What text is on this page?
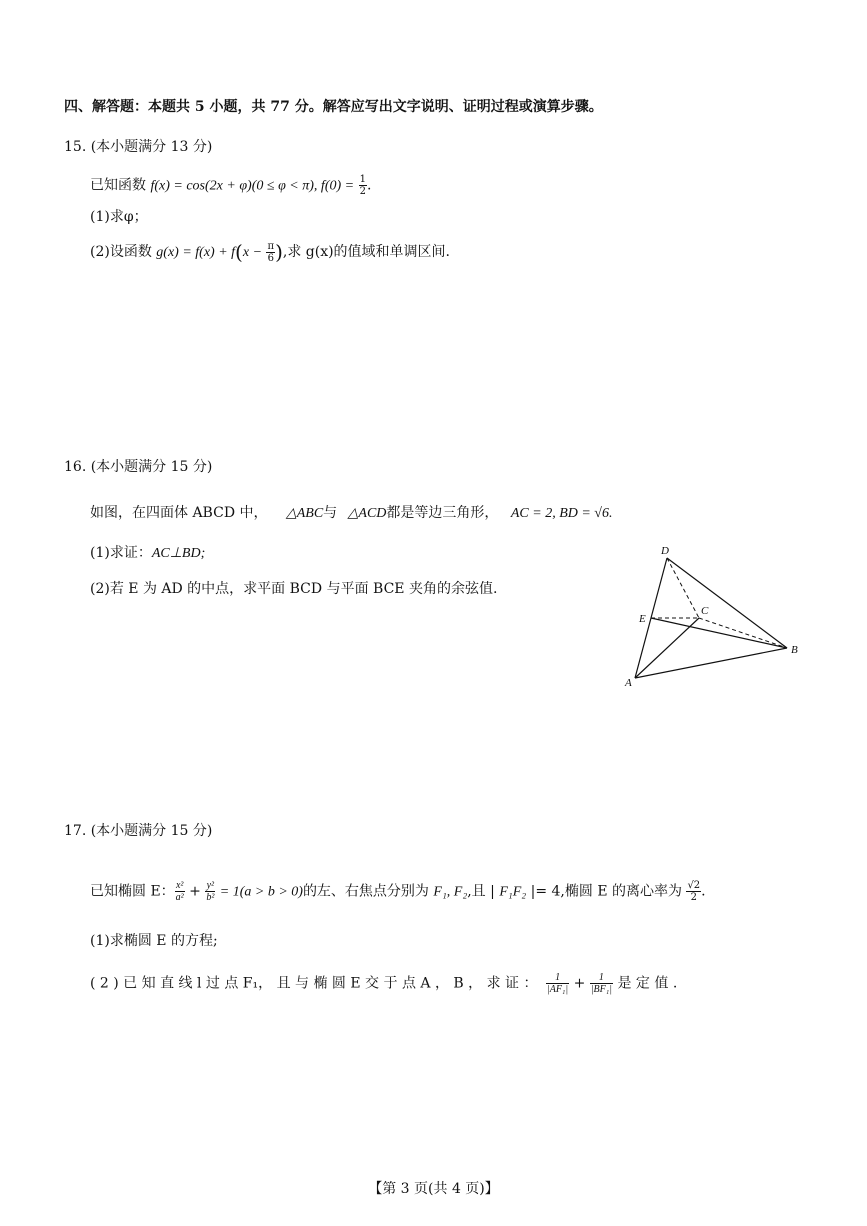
四、解答题：本题共 5 小题，共 77 分。解答应写出文字说明、证明过程或演算步骤。
15. (本小题满分 13 分)
已知函数 f(x) = cos(2x + φ)(0 ≤ φ < π), $f(0) = \frac{1}{2}$ .
(1)求φ；
(2)设函数 $g(x) = f(x) + f(x - \frac{\pi}{6}$ ),求 g(x)的值域和单调区间.
16. (本小题满分 15 分)
如图，在四面体 ABCD 中， △ABC与 △ACD都是等边三角形， AC = 2, BD = √6.
(1)求证：AC⊥BD;
(2)若 E 为 AD 的中点，求平面 BCD 与平面 BCE 夹角的余弦值.
D
C
E
B
A
17. (本小题满分 15 分)
已知椭圆 E： $\frac{\text{x²}}{\text{a²}} + \frac{\text{y²}}{\text{b²}} = 1(a > b > 0)$的左、右焦点分别为 F₁, F₂,且 | F₁F₂ |= 4,椭圆 E 的离心率为 $\frac{√2}{2}$ .
(1)求椭圆 E 的方程;
( 2 ) 已 知 直 线 l 过 点 F₁， 且 与 椭 圆 E 交 于 点 A ， B ， 求 证 ： $\frac{1}{\text{|AF₁|}} + \frac{1}{\text{|BF₁|}}$ 是 定 值 .
【第 3 页(共 4 页)】
